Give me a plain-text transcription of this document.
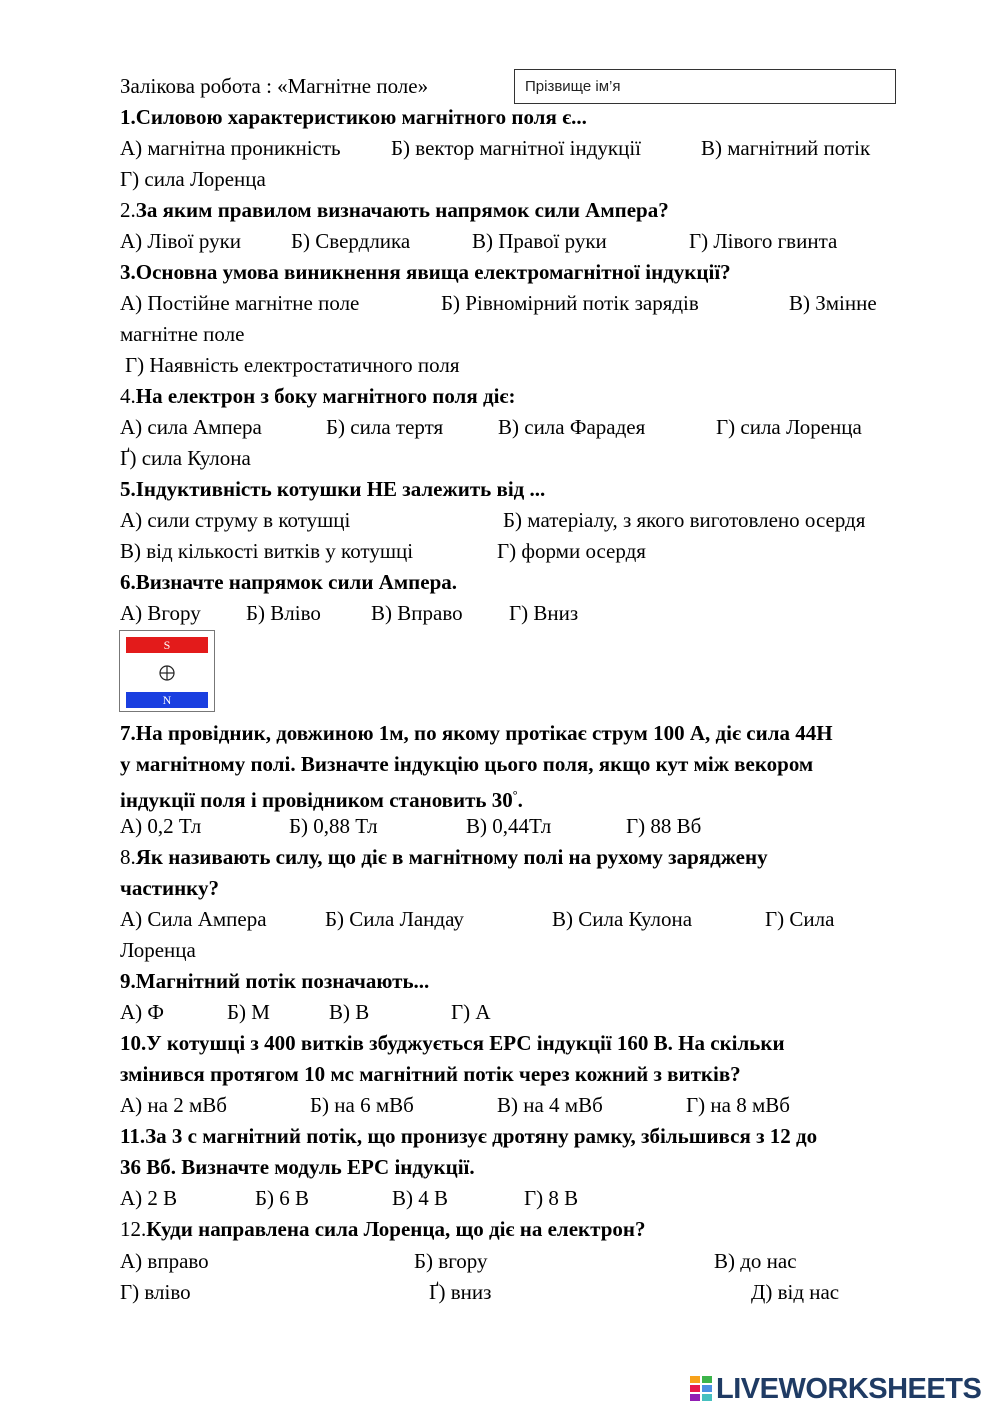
Залікова робота : «Магнітне поле»
Прізвище ім’я
1.Силовою характеристикою магнітного поля є...
А) магнітна проникність Б) вектор магнітної індукції	В) магнітний потік
Г) сила Лоренца
2.За яким правилом визначають напрямок сили Ампера?
А) Лівої руки Б) Свердлика	В) Правої руки	Г) Лівого гвинта
3.Основна умова виникнення явища електромагнітної індукції?
А) Постійне магнітне поле	Б) Рівномірний потік зарядів	В) Змінне
магнітне поле
Г) Наявність електростатичного поля
4.На електрон з боку магнітного поля діє:
А) сила Ампера	Б) сила тертя	В) сила Фарадея	Г) сила Лоренца
Ґ) сила Кулона
5.Індуктивність котушки НЕ залежить від ...
А) сили струму в котушці	Б) матеріалу, з якого виготовлено осердя
В) від кількості витків у котушці	Г) форми осердя
6.Визначте напрямок сили Ампера.
А) Вгору Б) Вліво В) Вправо Г) Вниз
S
N
7.На провідник, довжиною 1м, по якому протікає струм 100 А, діє сила 44Н
у магнітному полі. Визначте індукцію цього поля, якщо кут між векором
індукції поля і провідником становить 30°.
А) 0,2 Тл	Б) 0,88 Тл	В) 0,44Тл	Г) 88 Вб
8.Як називають силу, що діє в магнітному полі на рухому заряджену
частинку?
А) Сила Ампера	Б) Сила Ландау	В) Сила Кулона	Г) Сила
Лоренца
9.Магнітний потік позначають...
А) Ф	Б) М	В) В	Г) А
10.У котушці з 400 витків збуджується ЕРС індукції 160 В. На скільки
змінився протягом 10 мс магнітний потік через кожний з витків?
А) на 2 мВб	Б) на 6 мВб	В) на 4 мВб	Г) на 8 мВб
11.За 3 с магнітний потік, що пронизує дротяну рамку, збільшився з 12 до
36 Вб. Визначте модуль ЕРС індукції.
А) 2 В	Б) 6 В	В) 4 В	Г) 8 В
12.Куди направлена сила Лоренца, що діє на електрон?
А) вправо	Б) вгору	В) до нас
Г) вліво	Ґ) вниз	Д) від нас
LIVEWORKSHEETS
